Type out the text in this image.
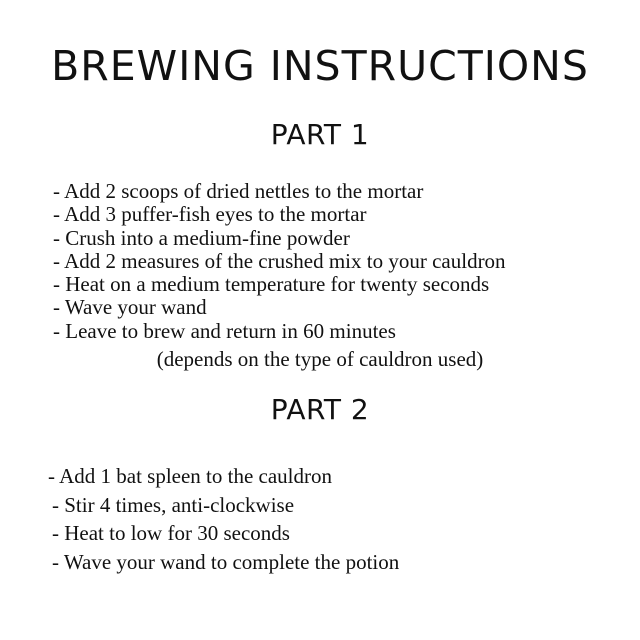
BREWING INSTRUCTIONS
PART 1
- Add 2 scoops of dried nettles to the mortar
- Add 3 puffer-fish eyes to the mortar
- Crush into a medium-fine powder
- Add 2 measures of the crushed mix to your cauldron
- Heat on a medium temperature for twenty seconds
- Wave your wand
- Leave to brew and return in 60 minutes
(depends on the type of cauldron used)
PART 2
- Add 1 bat spleen to the cauldron
- Stir 4 times, anti-clockwise
- Heat to low for 30 seconds
- Wave your wand to complete the potion
